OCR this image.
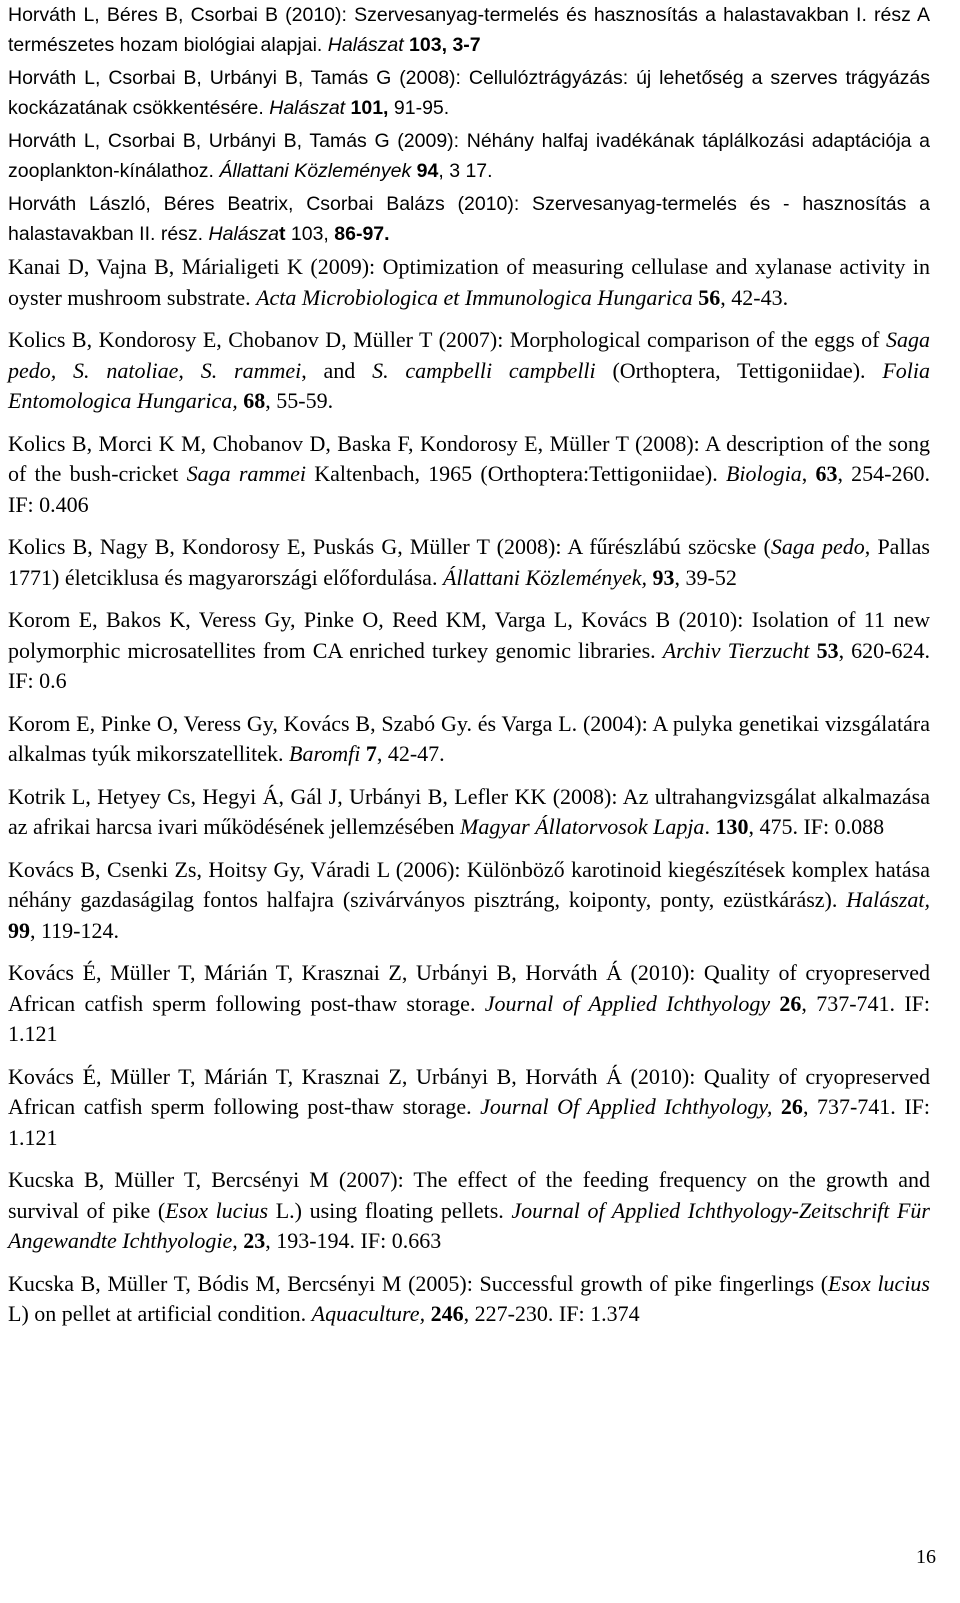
Horváth L, Béres B, Csorbai B (2010): Szervesanyag-termelés és hasznosítás a halastavakban I. rész A természetes hozam biológiai alapjai. Halászat 103, 3-7

Horváth L, Csorbai B, Urbányi B, Tamás G (2008): Cellulóztrágyázás: új lehetőség a szerves trágyázás kockázatának csökkentésére. Halászat 101, 91-95.

Horváth L, Csorbai B, Urbányi B, Tamás G (2009): Néhány halfaj ivadékának táplálkozási adaptációja a zooplankton-kínálathoz. Állattani Közlemények 94, 3 17.

Horváth László, Béres Beatrix, Csorbai Balázs (2010): Szervesanyag-termelés és - hasznosítás a halastavakban II. rész. Halászat 103, 86-97.

Kanai D, Vajna B, Márialigeti K (2009): Optimization of measuring cellulase and xylanase activity in oyster mushroom substrate. Acta Microbiologica et Immunologica Hungarica 56, 42-43.

Kolics B, Kondorosy E, Chobanov D, Müller T (2007): Morphological comparison of the eggs of Saga pedo, S. natoliae, S. rammei, and S. campbelli campbelli (Orthoptera, Tettigoniidae). Folia Entomologica Hungarica, 68, 55-59.

Kolics B, Morci K M, Chobanov D, Baska F, Kondorosy E, Müller T (2008): A description of the song of the bush-cricket Saga rammei Kaltenbach, 1965 (Orthoptera:Tettigoniidae). Biologia, 63, 254-260. IF: 0.406

Kolics B, Nagy B, Kondorosy E, Puskás G, Müller T (2008): A fűrészlábú szöcske (Saga pedo, Pallas 1771) életciklusa és magyarországi előfordulása. Állattani Közlemények, 93, 39-52

Korom E, Bakos K, Veress Gy, Pinke O, Reed KM, Varga L, Kovács B (2010): Isolation of 11 new polymorphic microsatellites from CA enriched turkey genomic libraries. Archiv Tierzucht 53, 620-624. IF: 0.6

Korom E, Pinke O, Veress Gy, Kovács B, Szabó Gy. és Varga L. (2004): A pulyka genetikai vizsgálatára alkalmas tyúk mikorszatellitek. Baromfi 7, 42-47.

Kotrik L, Hetyey Cs, Hegyi Á, Gál J, Urbányi B, Lefler KK (2008): Az ultrahangvizsgálat alkalmazása az afrikai harcsa ivari működésének jellemzésében Magyar Állatorvosok Lapja. 130, 475. IF: 0.088

Kovács B, Csenki Zs, Hoitsy Gy, Váradi L (2006): Különböző karotinoid kiegészítések komplex hatása néhány gazdaságilag fontos halfajra (szivárványos pisztráng, koiponty, ponty, ezüstkárász). Halászat, 99, 119-124.

Kovács É, Müller T, Márián T, Krasznai Z, Urbányi B, Horváth Á (2010): Quality of cryopreserved African catfish sperm following post-thaw storage. Journal of Applied Ichthyology 26, 737-741. IF: 1.121

Kovács É, Müller T, Márián T, Krasznai Z, Urbányi B, Horváth Á (2010): Quality of cryopreserved African catfish sperm following post-thaw storage. Journal Of Applied Ichthyology, 26, 737-741. IF: 1.121

Kucska B, Müller T, Bercsényi M (2007): The effect of the feeding frequency on the growth and survival of pike (Esox lucius L.) using floating pellets. Journal of Applied Ichthyology-Zeitschrift Für Angewandte Ichthyologie, 23, 193-194. IF: 0.663

Kucska B, Müller T, Bódis M, Bercsényi M (2005): Successful growth of pike fingerlings (Esox lucius L) on pellet at artificial condition. Aquaculture, 246, 227-230. IF: 1.374

16
